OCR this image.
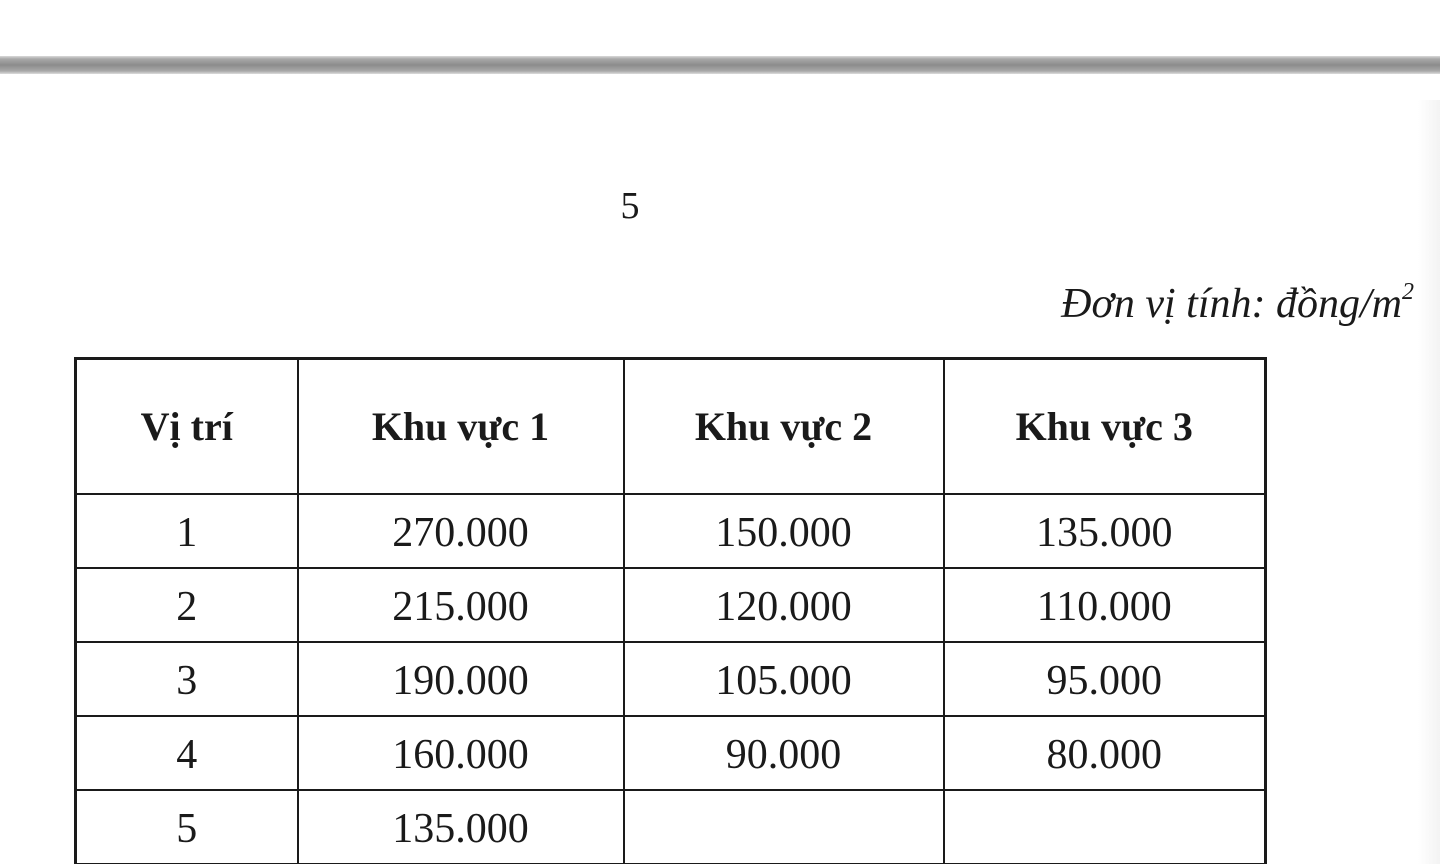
5
Đơn vị tính: đồng/$m^2$
Vị trí	Khu vực 1	Khu vực 2	Khu vực 3
1	270.000	150.000	135.000
2	215.000	120.000	110.000
3	190.000	105.000	95.000
4	160.000	90.000	80.000
5	135.000		
